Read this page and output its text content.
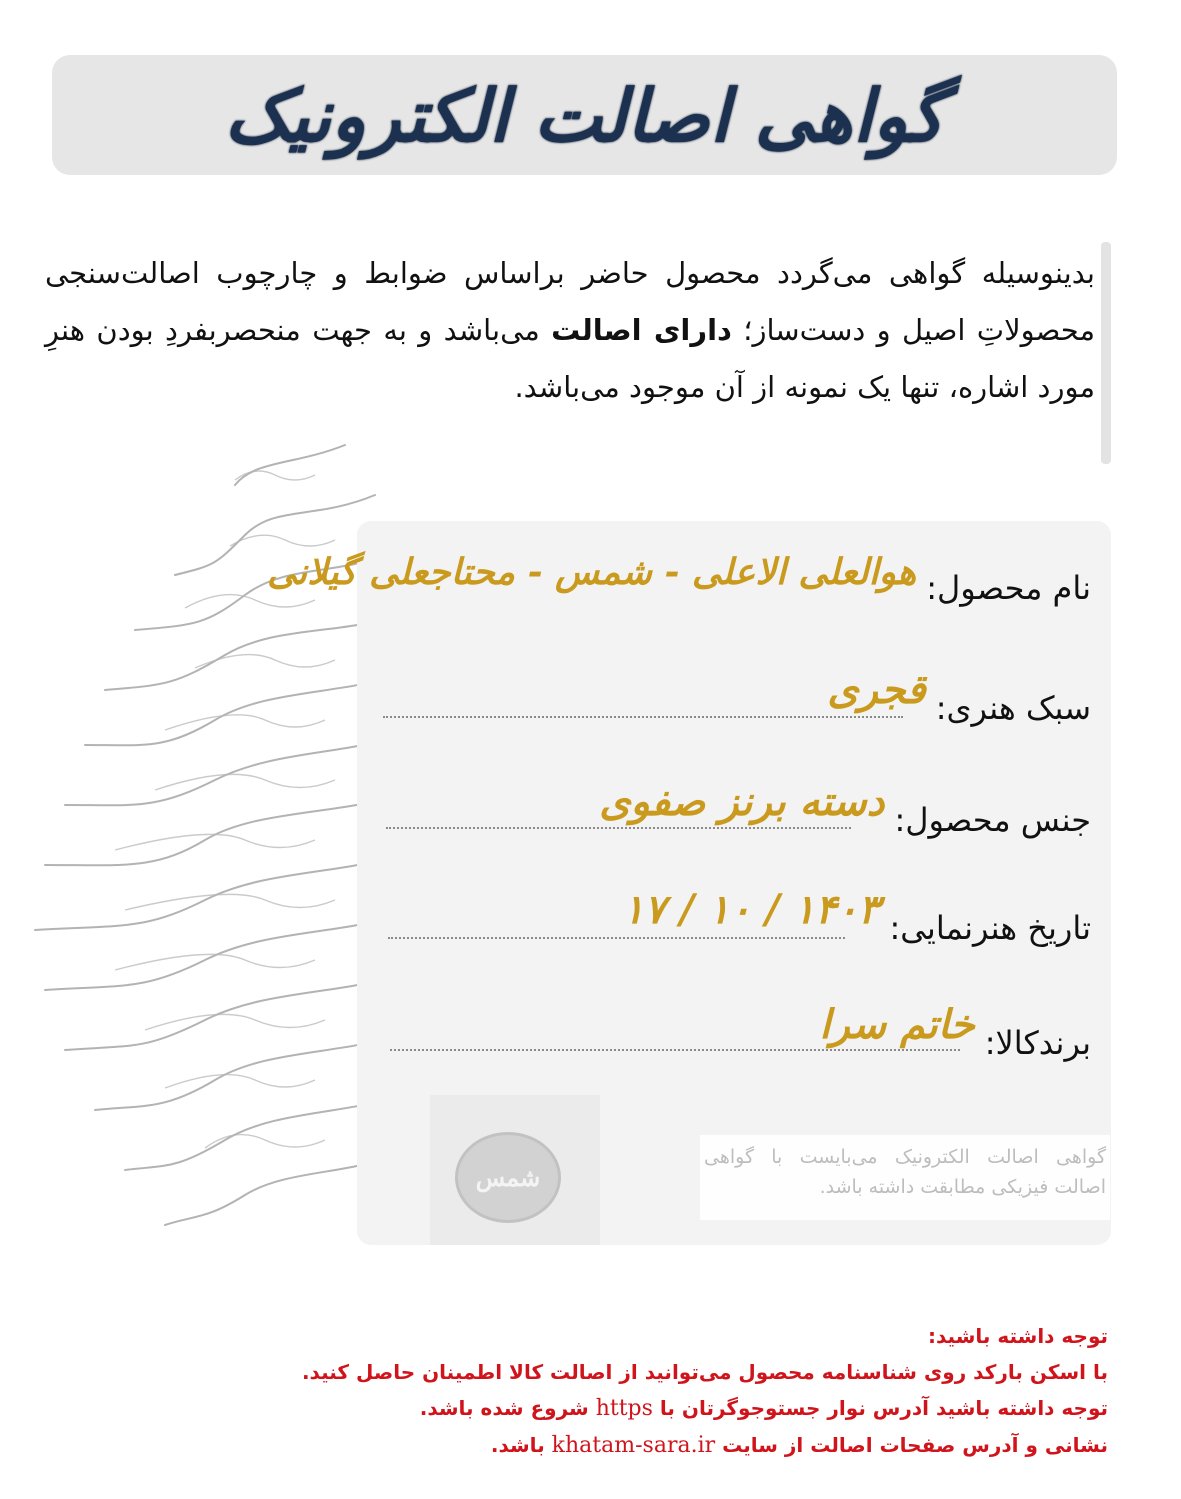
گواهی اصالت الکترونیک
بدینوسیله گواهی می‌گردد محصول حاضر براساس ضوابط و چارچوب اصالت‌سنجی محصولاتِ اصیل و دست‌ساز؛ دارای اصالت می‌باشد و به جهت منحصربفردِ بودن هنرِ مورد اشاره، تنها یک نمونه از آن موجود می‌باشد.
شمس
گواهی اصالت الکترونیک می‌بایست با گواهی اصالت فیزیکی مطابقت داشته باشد.
نام محصول:
هوالعلی الاعلی - شمس - محتاجعلی گیلانی
سبک هنری:
قجری
جنس محصول:
دسته برنز صفوی
تاریخ هنرنمایی:
۱۴۰۳ / ۱۰ / ۱۷
برندکالا:
خاتم سرا
توجه داشته باشید:
با اسکن بارکد روی شناسنامه محصول می‌توانید از اصالت کالا اطمینان حاصل کنید.
توجه داشته باشید آدرس نوار جستوجوگرتان با https شروع شده باشد.
نشانی و آدرس صفحات اصالت از سایت khatam-sara.ir باشد.
